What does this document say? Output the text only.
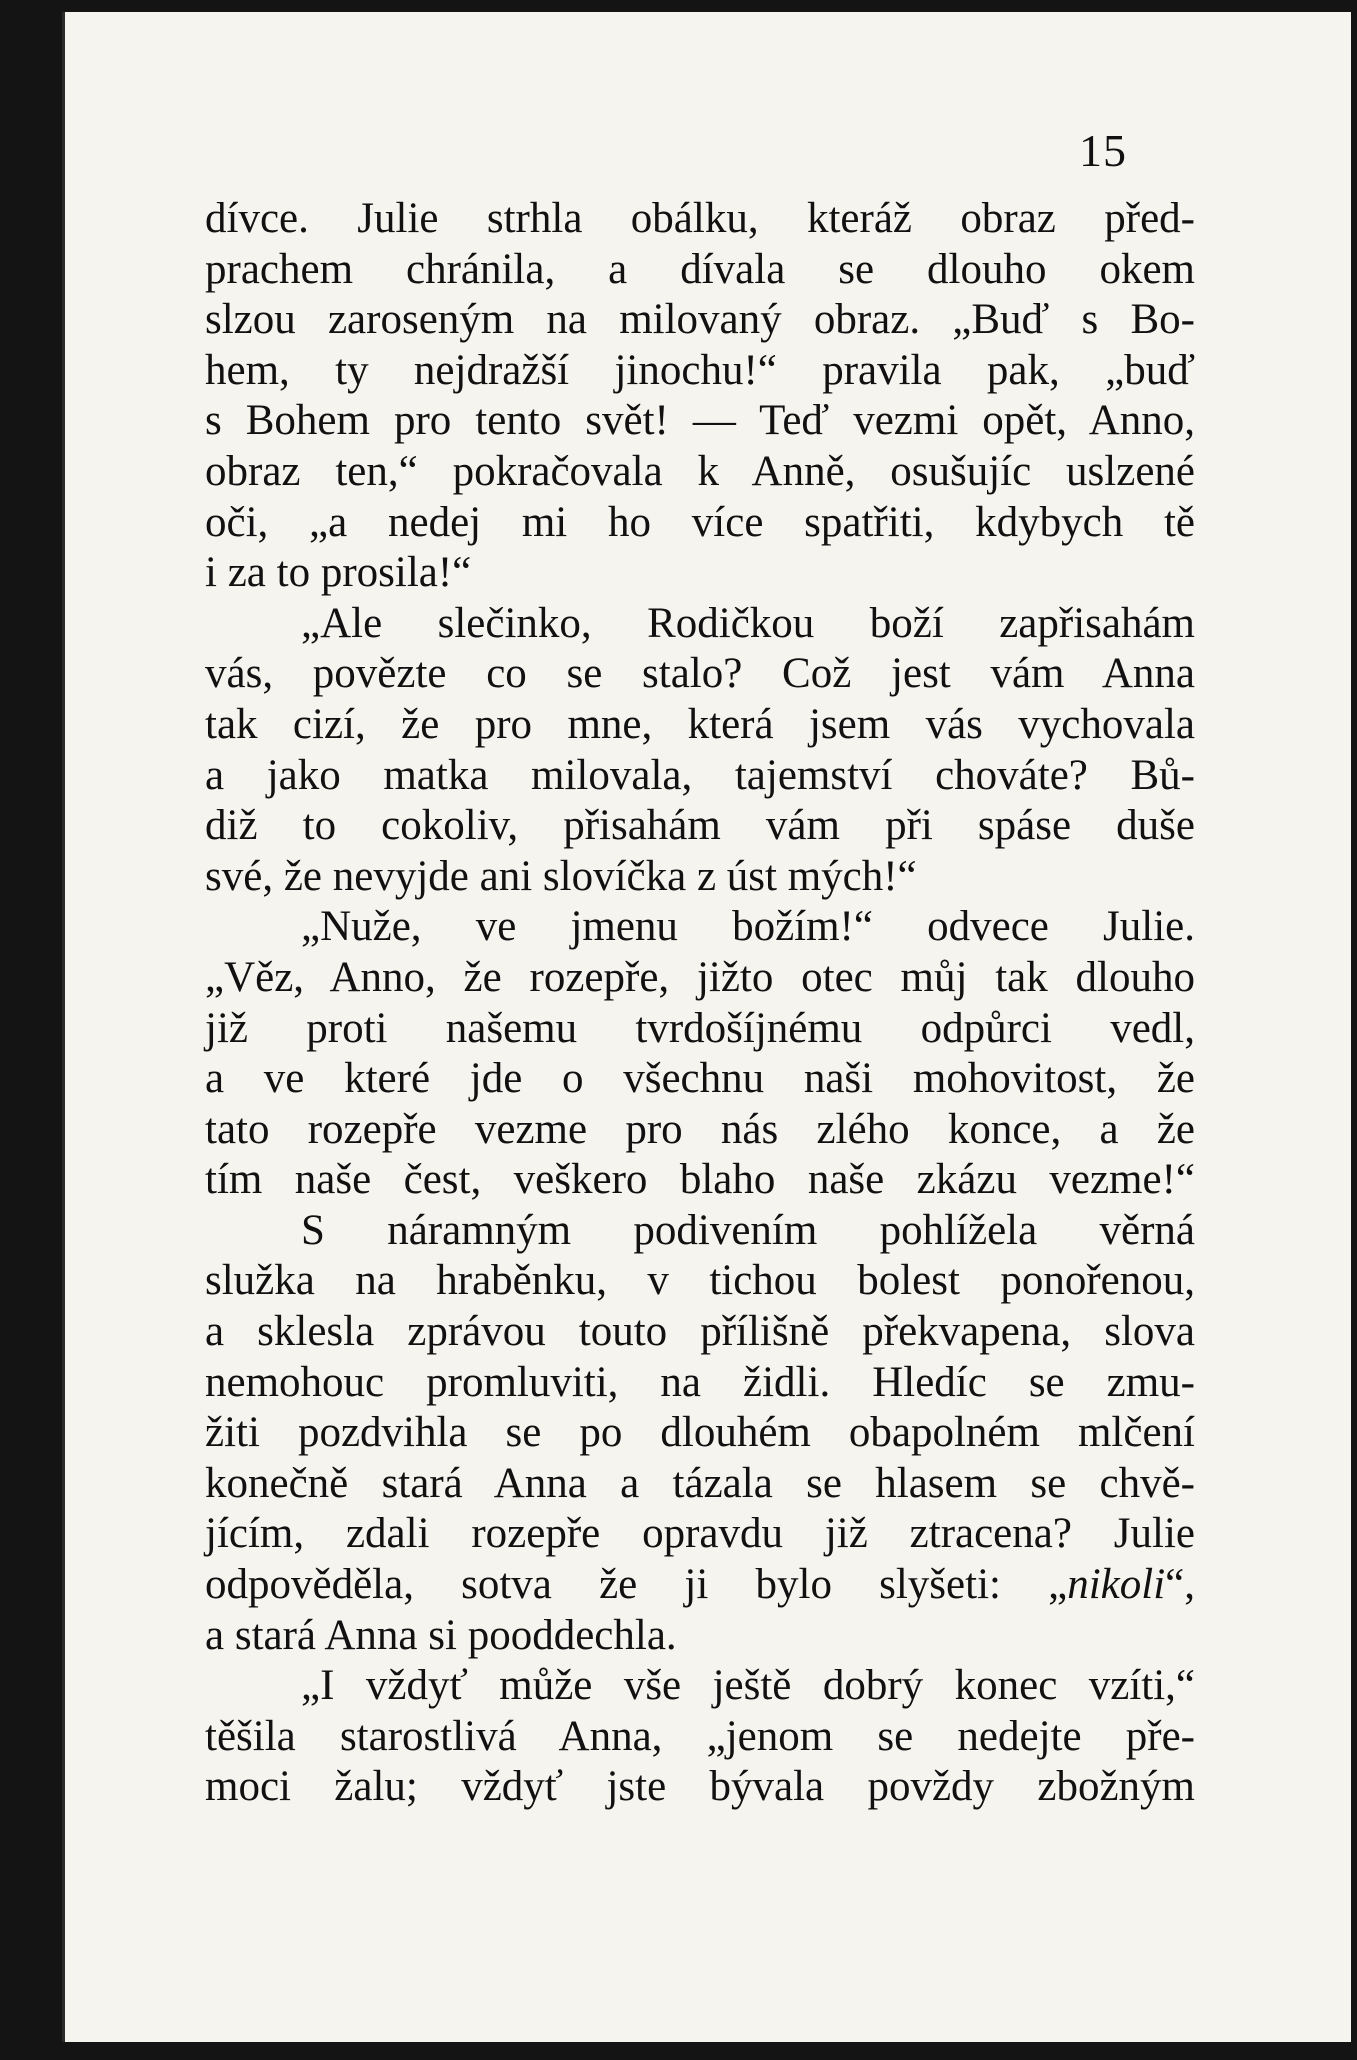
15
dívce. Julie strhla obálku, kteráž obraz před-
prachem chránila, a dívala se dlouho okem
slzou zaroseným na milovaný obraz. „Buď s Bo-
hem, ty nejdražší jinochu!“ pravila pak, „buď
s Bohem pro tento svět! — Teď vezmi opět, Anno,
obraz ten,“ pokračovala k Anně, osušujíc uslzené
oči, „a nedej mi ho více spatřiti, kdybych tě
i za to prosila!“
„Ale slečinko, Rodičkou boží zapřisahám
vás, povězte co se stalo? Což jest vám Anna
tak cizí, že pro mne, která jsem vás vychovala
a jako matka milovala, tajemství chováte? Bů-
diž to cokoliv, přisahám vám při spáse duše
své, že nevyjde ani slovíčka z úst mých!“
„Nuže, ve jmenu božím!“ odvece Julie.
„Věz, Anno, že rozepře, jižto otec můj tak dlouho
již proti našemu tvrdošíjnému odpůrci vedl,
a ve které jde o všechnu naši mohovitost, že
tato rozepře vezme pro nás zlého konce, a že
tím naše čest, veškero blaho naše zkázu vezme!“
S náramným podivením pohlížela věrná
služka na hraběnku, v tichou bolest ponořenou,
a sklesla zprávou touto přílišně překvapena, slova
nemohouc promluviti, na židli. Hledíc se zmu-
žiti pozdvihla se po dlouhém obapolném mlčení
konečně stará Anna a tázala se hlasem se chvě-
jícím, zdali rozepře opravdu již ztracena? Julie
odpověděla, sotva že ji bylo slyšeti: „nikoli“,
a stará Anna si pooddechla.
„I vždyť může vše ještě dobrý konec vzíti,“
těšila starostlivá Anna, „jenom se nedejte pře-
moci žalu; vždyť jste bývala povždy zbožným
